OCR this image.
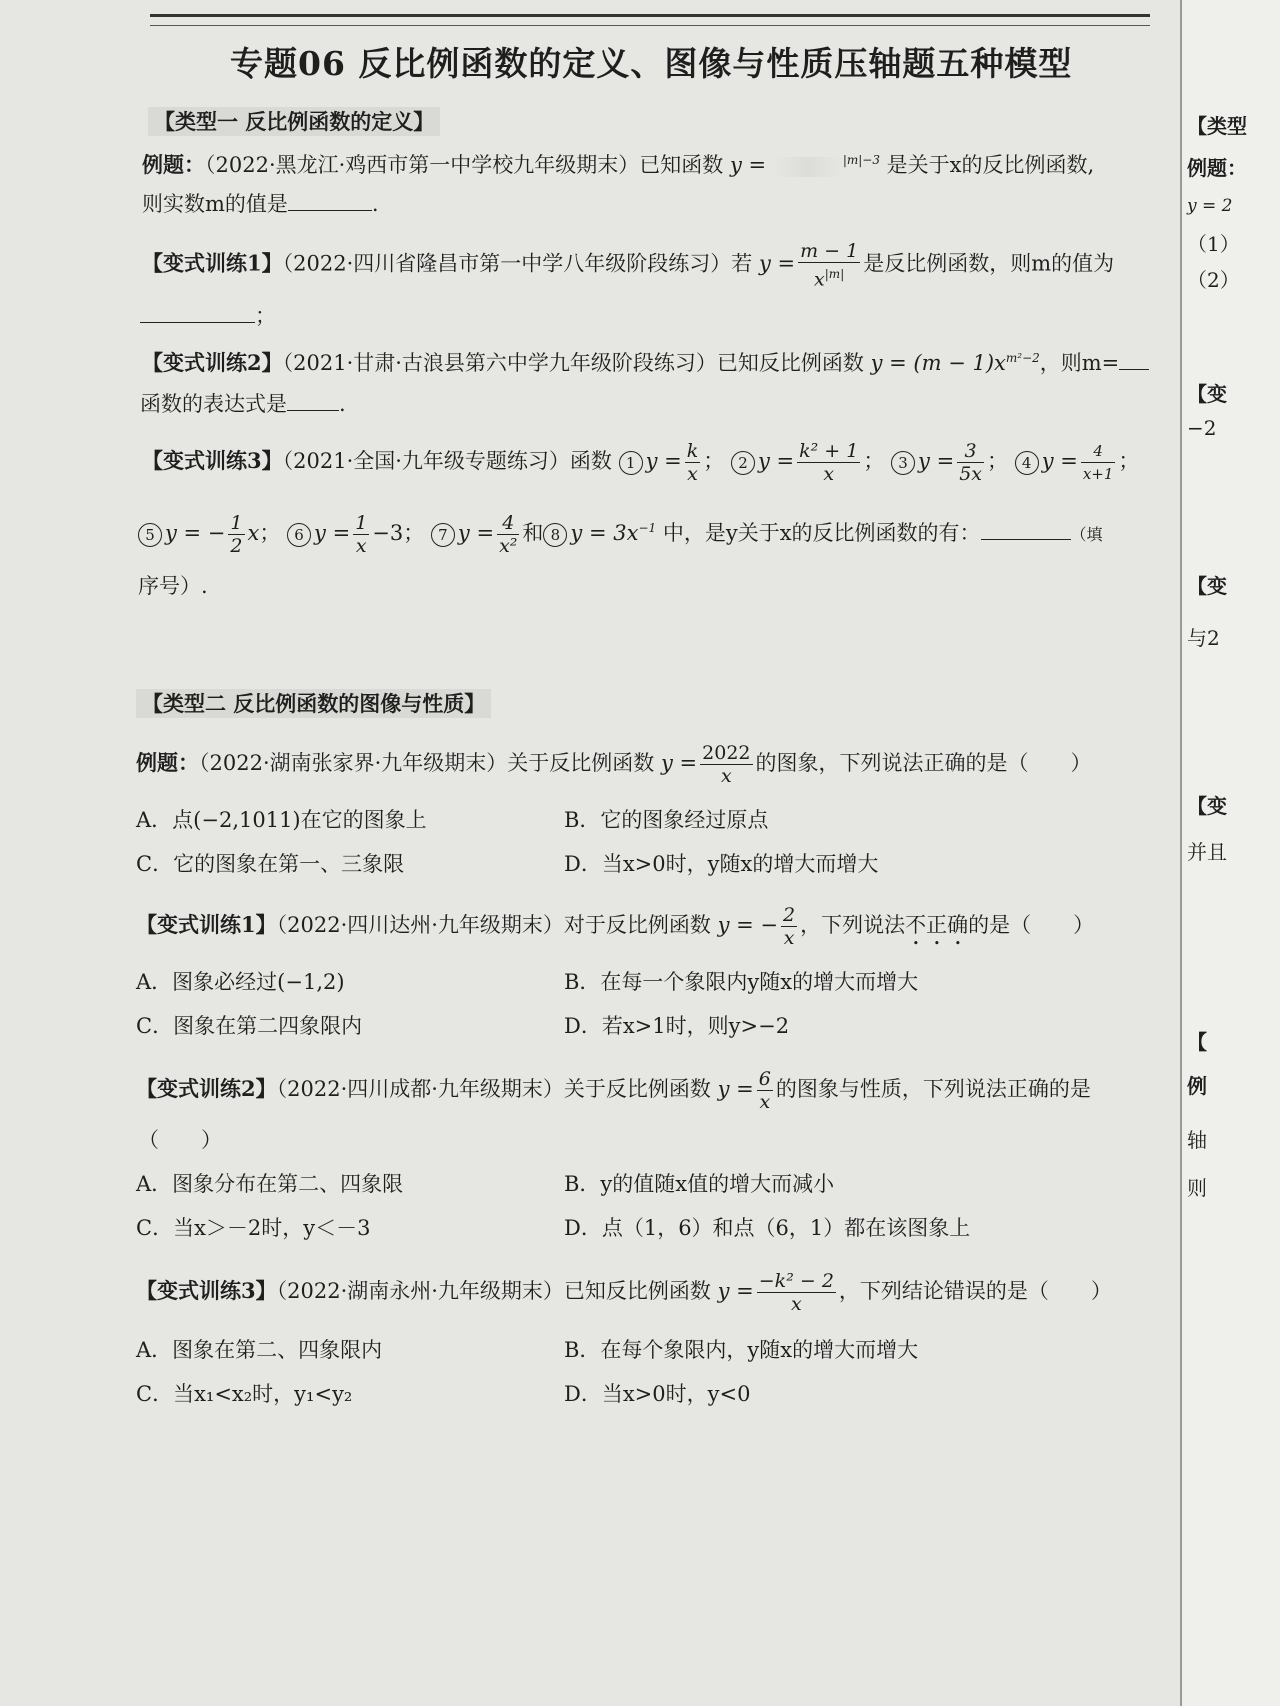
专题06 反比例函数的定义、图像与性质压轴题五种模型
【类型一 反比例函数的定义】
例题：（2022·黑龙江·鸡西市第一中学校九年级期末）已知函数 y =	$^{|m|-3}$ 是关于x的反比例函数,
则实数m的值是	.
【变式训练1】（2022·四川省隆昌市第一中学八年级阶段练习）若 $y = \frac{m - 1}{x^{|m|}}$ 是反比例函数，则m的值为
；
【变式训练2】（2021·甘肃·古浪县第六中学九年级阶段练习）已知反比例函数 $y = (m - 1)x^{m^2-2}$，则m=
函数的表达式是 .
【变式训练3】（2021·全国·九年级专题练习）函数 1 $y = \frac{k}{x}$ ； 2 $y = \frac{\text{k² + 1}}{x}$ ； 3 $y = \frac{3}{5x}$ ； 4 $y = \frac{4}{x+1}$ ；
5 y = − $\frac{1}{2}$ x； 6 $y = \frac{1}{x} -3$； 7 $y = \frac{4}{\text{x²}}$ 和 8 $y = 3x^{-1}$ 中，是y关于x的反比例函数的有：	（填
序号）.
【类型二 反比例函数的图像与性质】
例题：（2022·湖南张家界·九年级期末）关于反比例函数 $y = \frac{2022}{x}$ 的图象，下列说法正确的是（　　）
A．点(−2,1011)在它的图象上	B．它的图象经过原点
C．它的图象在第一、三象限	D．当x>0时，y随x的增大而增大
【变式训练1】（2022·四川达州·九年级期末）对于反比例函数 y = − $\frac{2}{x}$ ，下列说法不正确的是（　　）
A．图象必经过(−1,2)	B．在每一个象限内y随x的增大而增大
C．图象在第二四象限内	D．若x>1时，则y>−2
【变式训练2】（2022·四川成都·九年级期末）关于反比例函数 $y = \frac{6}{x}$ 的图象与性质，下列说法正确的是
（　　）
A．图象分布在第二、四象限	B．y的值随x值的增大而减小
C．当x＞－2时，y＜－3	D．点（1，6）和点（6，1）都在该图象上
【变式训练3】（2022·湖南永州·九年级期末）已知反比例函数 $y = \frac{\text{−k² − 2}}{x}$ ，下列结论错误的是（　　）
A．图象在第二、四象限内	B．在每个象限内，y随x的增大而增大
C．当x₁<x₂时，y₁<y₂	D．当x>0时，y<0
【类型
例题：
y = 2
（1）
（2）
【变
−2
【变
与2
【变
并且
【
例
轴
则
